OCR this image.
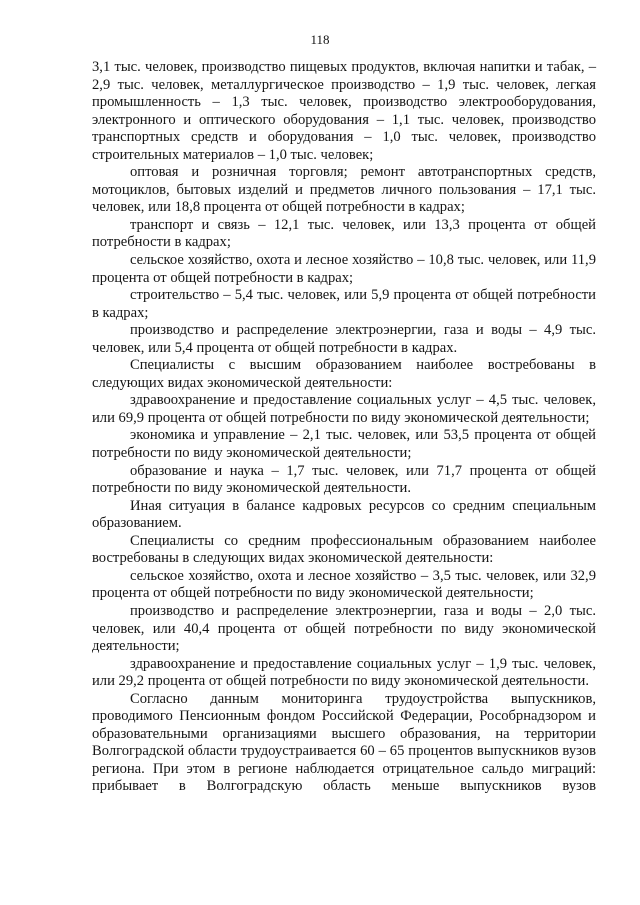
118

3,1 тыс. человек, производство пищевых продуктов, включая напитки и табак, – 2,9 тыс. человек, металлургическое производство – 1,9 тыс. человек, легкая промышленность – 1,3 тыс. человек, производство электрооборудования, электронного и оптического оборудования – 1,1 тыс. человек, производство транспортных средств и оборудования – 1,0 тыс. человек, производство строительных материалов – 1,0 тыс. человек;

оптовая и розничная торговля; ремонт автотранспортных средств, мотоциклов, бытовых изделий и предметов личного пользования – 17,1 тыс. человек, или 18,8 процента от общей потребности в кадрах;

транспорт и связь – 12,1 тыс. человек, или 13,3 процента от общей потребности в кадрах;

сельское хозяйство, охота и лесное хозяйство – 10,8 тыс. человек, или 11,9 процента от общей потребности в кадрах;

строительство – 5,4 тыс. человек, или 5,9 процента от общей потребности в кадрах;

производство и распределение электроэнергии, газа и воды – 4,9 тыс. человек, или 5,4 процента от общей потребности в кадрах.

Специалисты с высшим образованием наиболее востребованы в следующих видах экономической деятельности:

здравоохранение и предоставление социальных услуг – 4,5 тыс. человек, или 69,9 процента от общей потребности по виду экономической деятельности;

экономика и управление – 2,1 тыс. человек, или 53,5 процента от общей потребности по виду экономической деятельности;

образование и наука – 1,7 тыс. человек, или 71,7 процента от общей потребности по виду экономической деятельности.

Иная ситуация в балансе кадровых ресурсов со средним специальным образованием.

Специалисты со средним профессиональным образованием наиболее востребованы в следующих видах экономической деятельности:

сельское хозяйство, охота и лесное хозяйство – 3,5 тыс. человек, или 32,9 процента от общей потребности по виду экономической деятельности;

производство и распределение электроэнергии, газа и воды – 2,0 тыс. человек, или 40,4 процента от общей потребности по виду экономической деятельности;

здравоохранение и предоставление социальных услуг – 1,9 тыс. человек, или 29,2 процента от общей потребности по виду экономической деятельности.

Согласно данным мониторинга трудоустройства выпускников, проводимого Пенсионным фондом Российской Федерации, Рособрнадзором и образовательными организациями высшего образования, на территории Волгоградской области трудоустраивается 60 – 65 процентов выпускников вузов региона. При этом в регионе наблюдается отрицательное сальдо миграций: прибывает в Волгоградскую область меньше выпускников вузов
